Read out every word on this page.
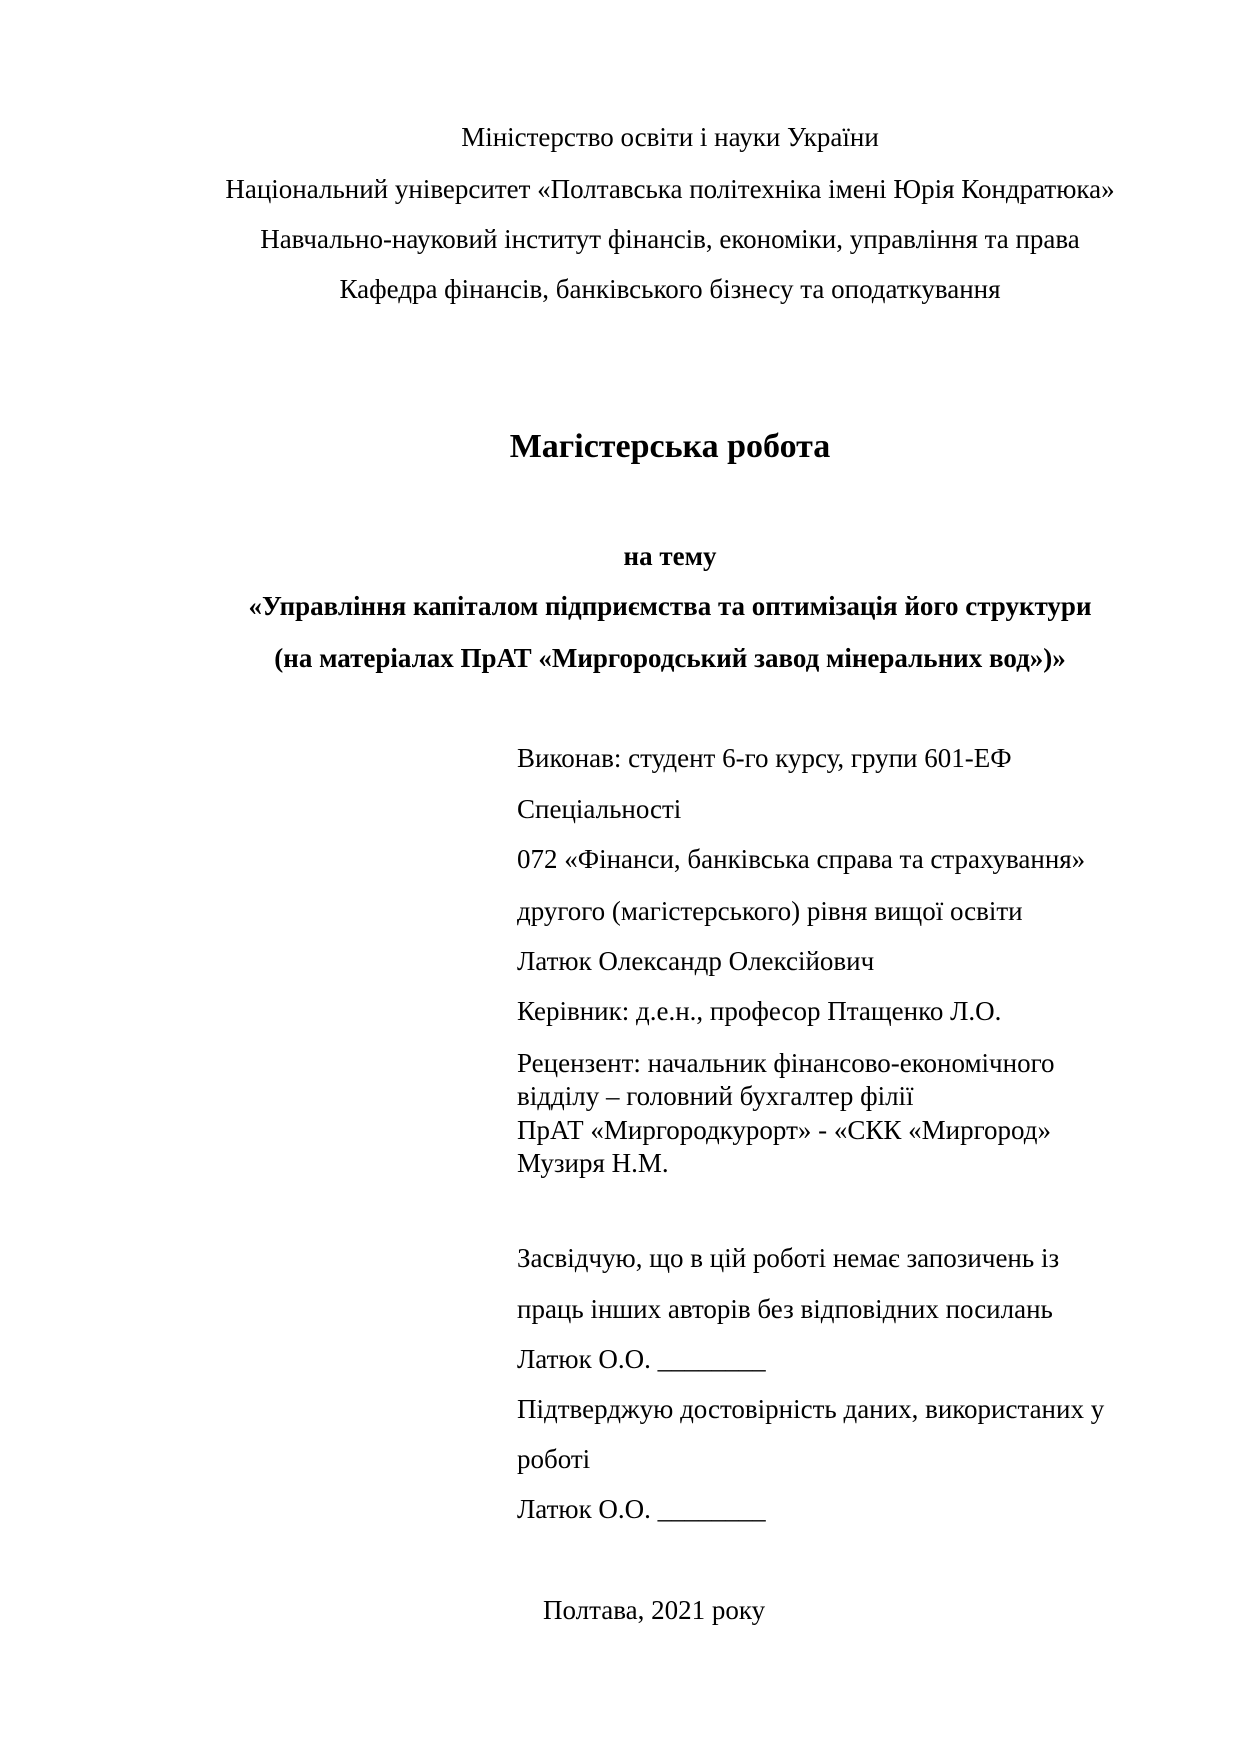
Міністерство освіти і науки України
Національний університет «Полтавська політехніка імені Юрія Кондратюка»
Навчально-науковий інститут фінансів, економіки, управління та права
Кафедра фінансів, банківського бізнесу та оподаткування
Магістерська робота
на тему
«Управління капіталом підприємства та оптимізація його структури
(на матеріалах ПрАТ «Миргородський завод мінеральних вод»)»
Виконав: студент 6-го курсу, групи 601-ЕФ
Спеціальності
072 «Фінанси, банківська справа та страхування»
другого (магістерського) рівня вищої освіти
Латюк Олександр Олексійович
Керівник: д.е.н., професор Птащенко Л.О.
Рецензент: начальник фінансово-економічного
відділу – головний бухгалтер філії
ПрАТ «Миргородкурорт» - «СКК «Миргород»
Музиря Н.М.
Засвідчую, що в цій роботі немає запозичень із
праць інших авторів без відповідних посилань
Латюк О.О. ________
Підтверджую достовірність даних, використаних у
роботі
Латюк О.О. ________
Полтава, 2021 року
